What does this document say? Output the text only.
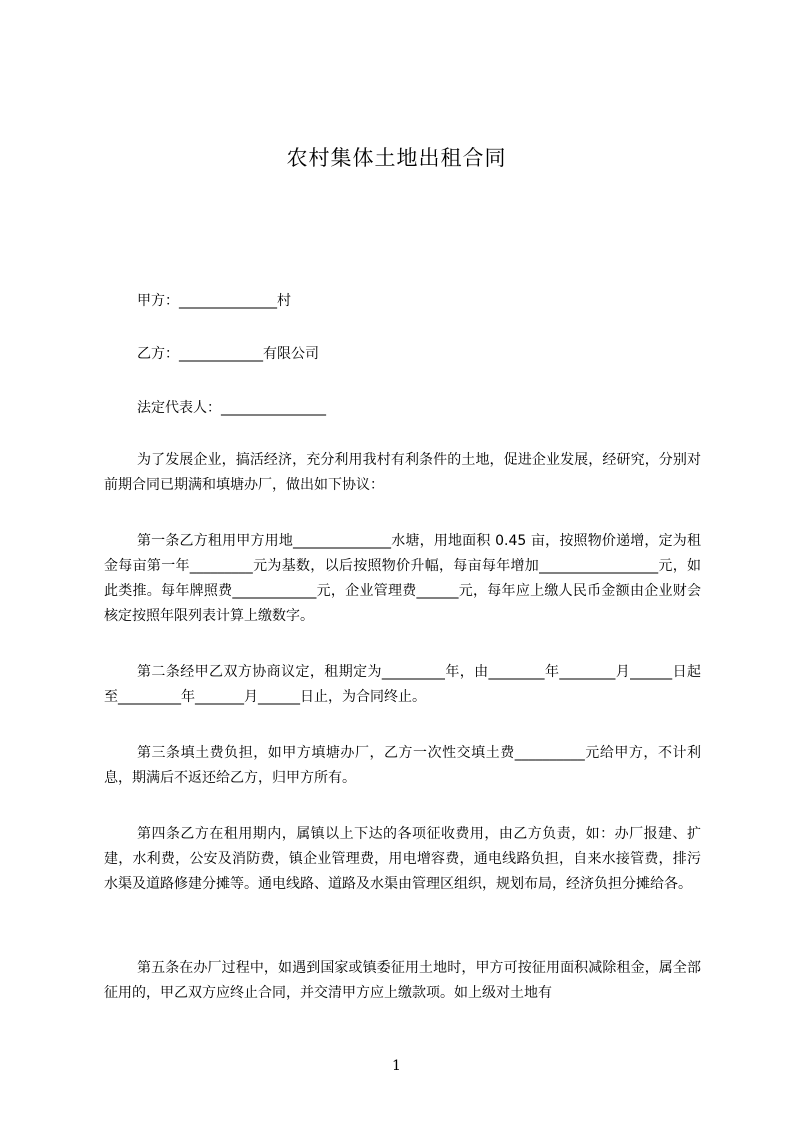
农村集体土地出租合同
甲方：______________村
乙方：____________有限公司
法定代表人：_______________

为了发展企业，搞活经济，充分利用我村有利条件的土地，促进企业发展，经研究，分别对前期合同已期满和填塘办厂，做出如下协议：

第一条乙方租用甲方用地______________水塘，用地面积 0.45 亩，按照物价递增，定为租金每亩第一年_________元为基数，以后按照物价升幅，每亩每年增加_________________元，如此类推。每年牌照费____________元，企业管理费______元，每年应上缴人民币金额由企业财会核定按照年限列表计算上缴数字。

第二条经甲乙双方协商议定，租期定为_________年，由________年________月______日起至_________年_______月______日止，为合同终止。

第三条填土费负担，如甲方填塘办厂，乙方一次性交填土费__________元给甲方，不计利息，期满后不返还给乙方，归甲方所有。

第四条乙方在租用期内，属镇以上下达的各项征收费用，由乙方负责，如：办厂报建、扩建，水利费，公安及消防费，镇企业管理费，用电增容费，通电线路负担，自来水接管费，排污水渠及道路修建分摊等。通电线路、道路及水渠由管理区组织，规划布局，经济负担分摊给各。

第五条在办厂过程中，如遇到国家或镇委征用土地时，甲方可按征用面积减除租金，属全部征用的，甲乙双方应终止合同，并交清甲方应上缴款项。如上级对土地有

1
